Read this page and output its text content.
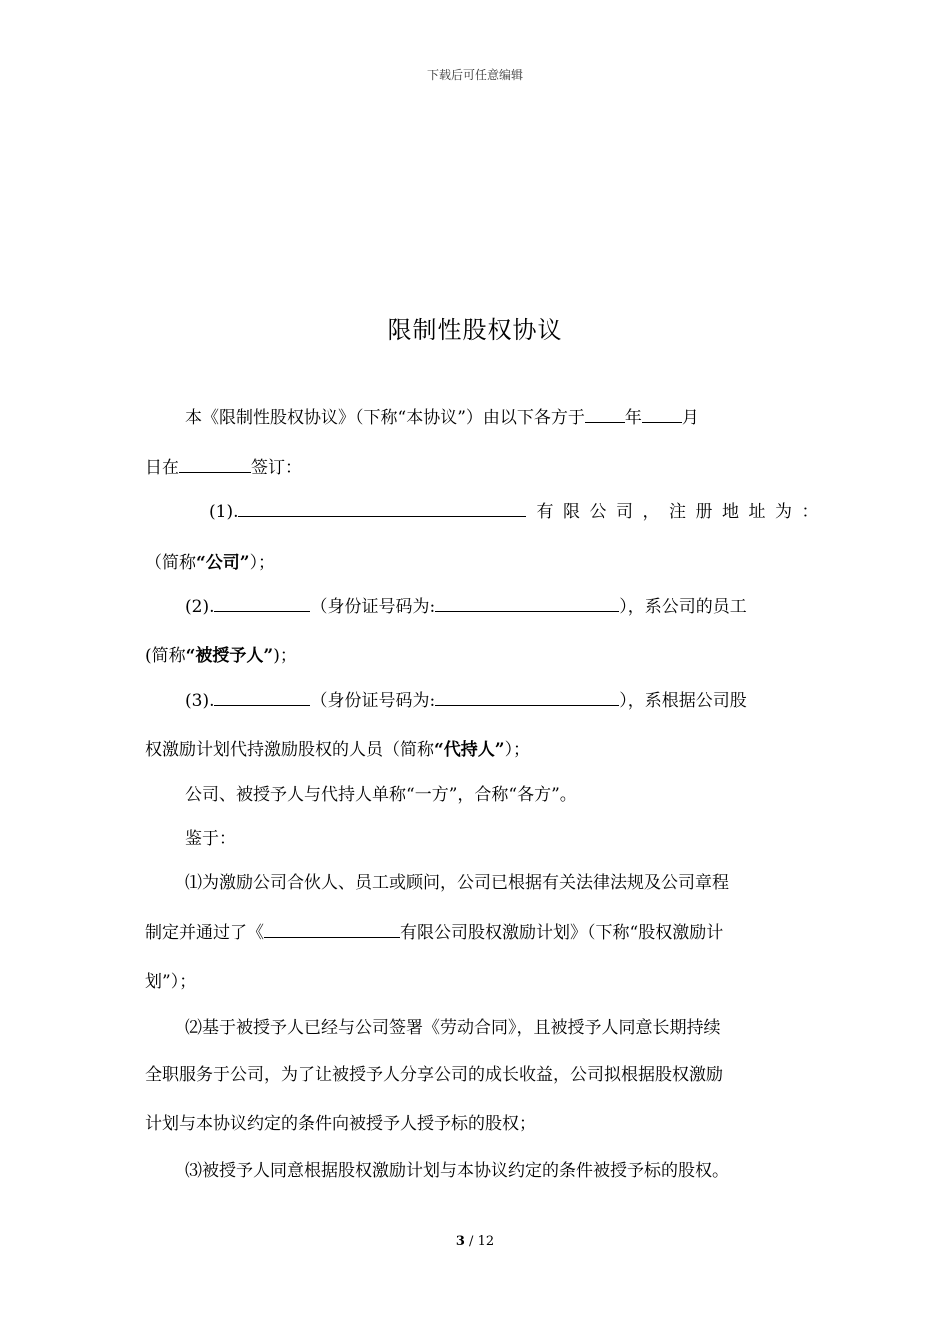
下载后可任意编辑
限制性股权协议
本《限制性股权协议》（下称“本协议”）由以下各方于 年 月
日在	签订：
(1).	有限公司，注册地址为：
（简称“公司”）；
(2).	（身份证号码为:	），系公司的员工
(简称“被授予人”)；
(3).	（身份证号码为:	），系根据公司股
权激励计划代持激励股权的人员（简称“代持人”）；
公司、被授予人与代持人单称“一方”，合称“各方”。
鉴于：
⑴为激励公司合伙人、员工或顾问，公司已根据有关法律法规及公司章程
制定并通过了《	有限公司股权激励计划》（下称“股权激励计
划”）；
⑵基于被授予人已经与公司签署《劳动合同》，且被授予人同意长期持续
全职服务于公司，为了让被授予人分享公司的成长收益，公司拟根据股权激励
计划与本协议约定的条件向被授予人授予标的股权；
⑶被授予人同意根据股权激励计划与本协议约定的条件被授予标的股权。
3 / 12
